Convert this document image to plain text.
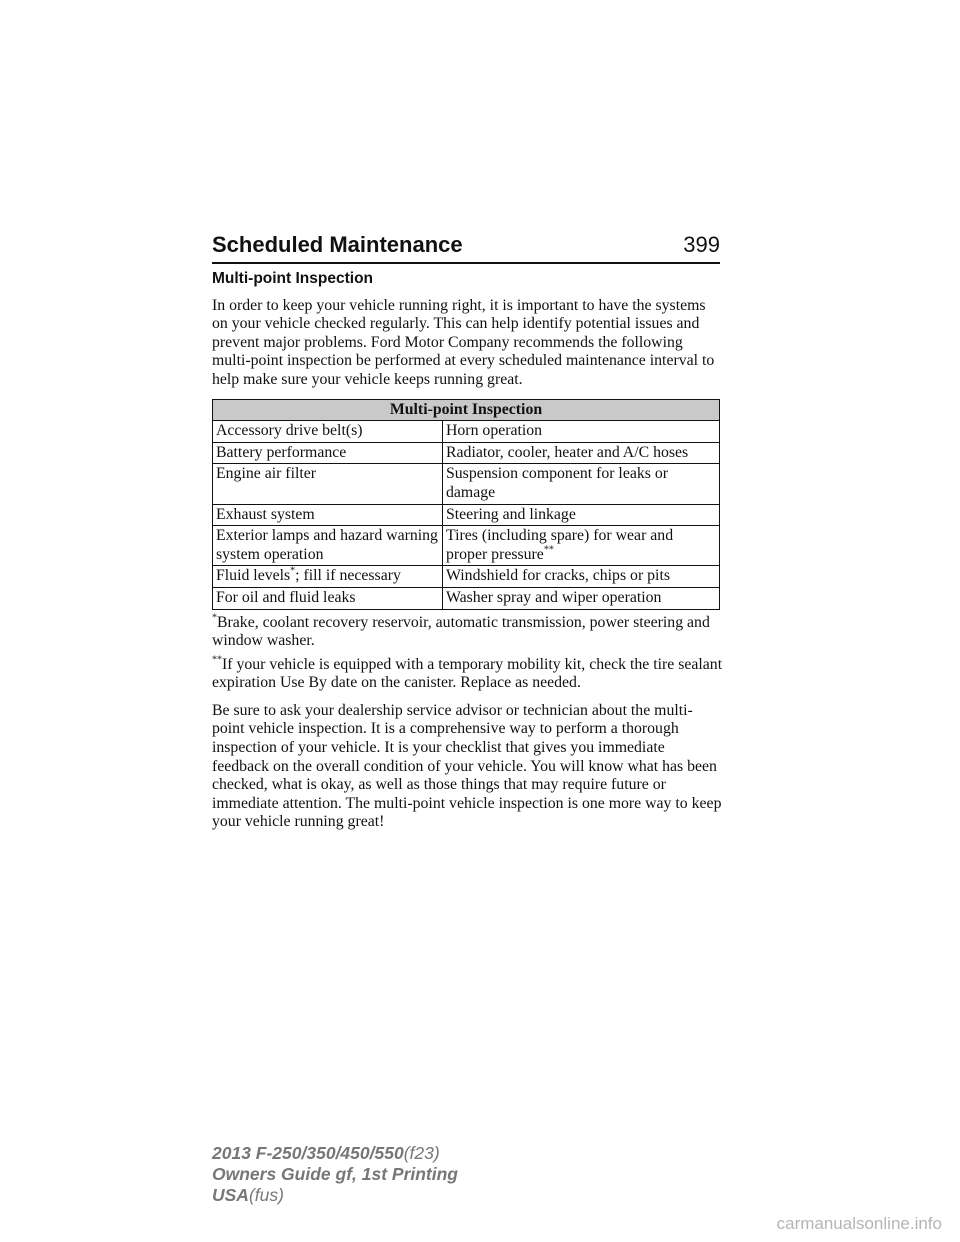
Scheduled Maintenance	399
Multi-point Inspection

In order to keep your vehicle running right, it is important to have the systems on your vehicle checked regularly. This can help identify potential issues and prevent major problems. Ford Motor Company recommends the following multi-point inspection be performed at every scheduled maintenance interval to help make sure your vehicle keeps running great.

Multi-point Inspection	
Accessory drive belt(s)	Horn operation
Battery performance	Radiator, cooler, heater and A/C hoses
Engine air filter	Suspension component for leaks or damage
Exhaust system	Steering and linkage
Exterior lamps and hazard warning system operation	Tires (including spare) for wear and proper pressure**
Fluid levels*; fill if necessary	Windshield for cracks, chips or pits
For oil and fluid leaks	Washer spray and wiper operation

*Brake, coolant recovery reservoir, automatic transmission, power steering and window washer.

**If your vehicle is equipped with a temporary mobility kit, check the tire sealant expiration Use By date on the canister. Replace as needed.

Be sure to ask your dealership service advisor or technician about the multi-point vehicle inspection. It is a comprehensive way to perform a thorough inspection of your vehicle. It is your checklist that gives you immediate feedback on the overall condition of your vehicle. You will know what has been checked, what is okay, as well as those things that may require future or immediate attention. The multi-point vehicle inspection is one more way to keep your vehicle running great!

2013 F-250/350/450/550(f23)
Owners Guide gf, 1st Printing
USA(fus)
carmanualsonline.info
